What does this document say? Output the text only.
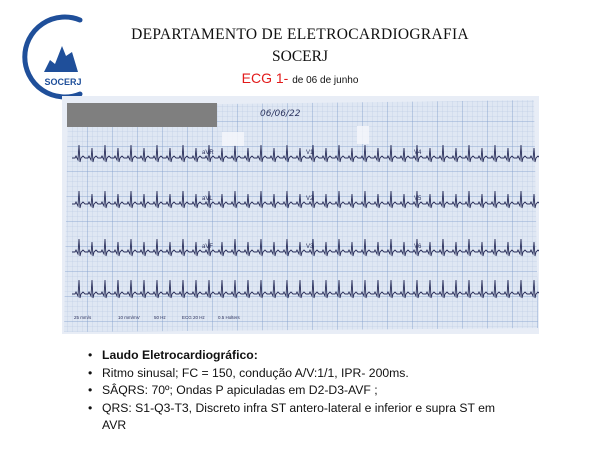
SOCERJ
DEPARTAMENTO DE ELETROCARDIOGRAFIA
SOCERJ
ECG 1- de 06 de junho
aVR	V1	V4
aVL	V2	V5
aVF	V3	V6
06/06/22
25 mm/s	10 mm/mV	50 Hz	ECG 20 Hz	0.5 Holters
• Laudo Eletrocardiográfico:
• Ritmo sinusal; FC = 150, condução A/V:1/1, IPR- 200ms.
• SÂQRS: 70º; Ondas P apiculadas em D2-D3-AVF ;
• QRS: S1-Q3-T3, Discreto infra ST antero-lateral e inferior e supra ST em
AVR
